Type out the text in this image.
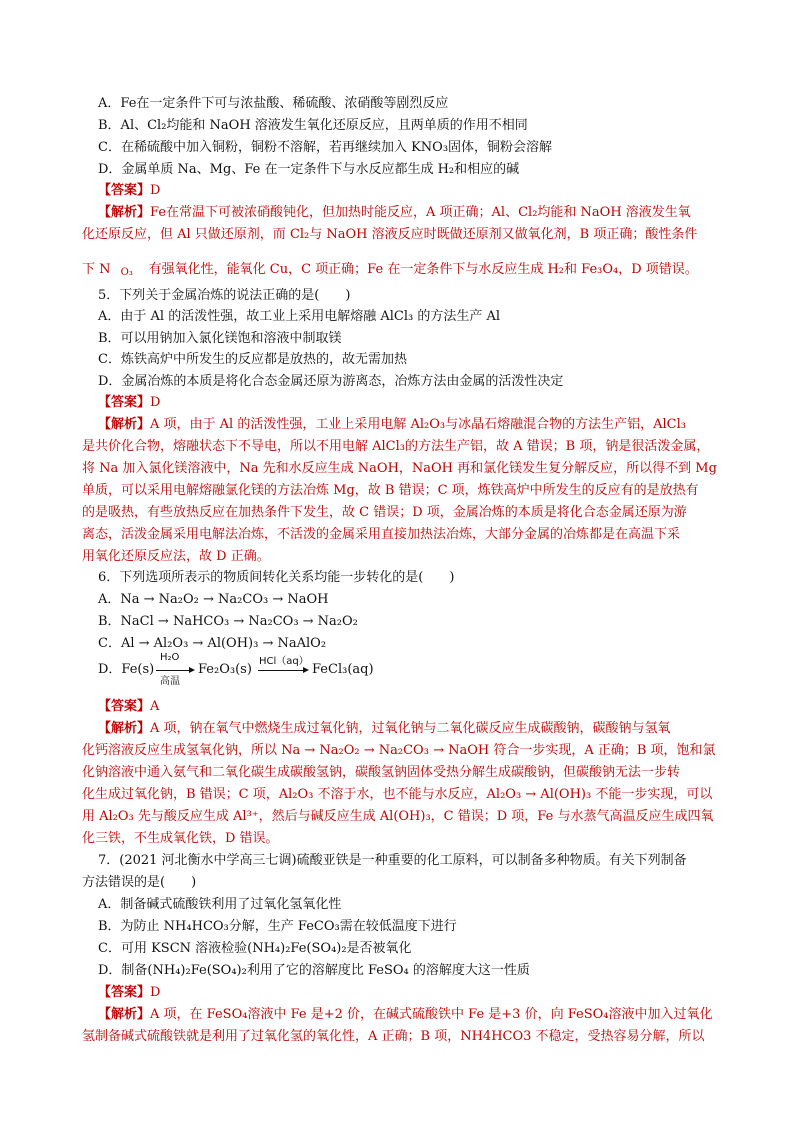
A．Fe在一定条件下可与浓盐酸、稀硫酸、浓硝酸等剧烈反应
B．Al、Cl₂均能和 NaOH 溶液发生氧化还原反应，且两单质的作用不相同
C．在稀硫酸中加入铜粉，铜粉不溶解，若再继续加入 KNO₃固体，铜粉会溶解
D．金属单质 Na、Mg、Fe 在一定条件下与水反应都生成 H₂和相应的碱
【答案】D
【解析】Fe在常温下可被浓硝酸钝化，但加热时能反应，A 项正确；Al、Cl₂均能和 NaOH 溶液发生氧
化还原反应，但 Al 只做还原剂，而 Cl₂与 NaOH 溶液反应时既做还原剂又做氧化剂，B 项正确；酸性条件
下 N O₃ 有强氧化性，能氧化 Cu，C 项正确；Fe 在一定条件下与水反应生成 H₂和 Fe₃O₄，D 项错误。
5．下列关于金属冶炼的说法正确的是(　　)
A．由于 Al 的活泼性强，故工业上采用电解熔融 AlCl₃ 的方法生产 Al
B．可以用钠加入氯化镁饱和溶液中制取镁
C．炼铁高炉中所发生的反应都是放热的，故无需加热
D．金属冶炼的本质是将化合态金属还原为游离态，冶炼方法由金属的活泼性决定
【答案】D
【解析】A 项，由于 Al 的活泼性强，工业上采用电解 Al₂O₃与冰晶石熔融混合物的方法生产铝，AlCl₃
是共价化合物，熔融状态下不导电，所以不用电解 AlCl₃的方法生产铝，故 A 错误；B 项，钠是很活泼金属，
将 Na 加入氯化镁溶液中，Na 先和水反应生成 NaOH，NaOH 再和氯化镁发生复分解反应，所以得不到 Mg
单质，可以采用电解熔融氯化镁的方法冶炼 Mg，故 B 错误；C 项，炼铁高炉中所发生的反应有的是放热有
的是吸热，有些放热反应在加热条件下发生，故 C 错误；D 项，金属冶炼的本质是将化合态金属还原为游
离态，活泼金属采用电解法冶炼，不活泼的金属采用直接加热法冶炼，大部分金属的冶炼都是在高温下采
用氧化还原反应法，故 D 正确。
6．下列选项所表示的物质间转化关系均能一步转化的是(　　)
A．Na → Na₂O₂ → Na₂CO₃ → NaOH
B．NaCl → NaHCO₃ → Na₂CO₃ → Na₂O₂
C．Al → Al₂O₃ → Al(OH)₃ → NaAlO₂
D．Fe(s)
H₂O
高温
Fe₂O₃(s)
HCl（aq）
FeCl₃(aq)
【答案】A
【解析】A 项，钠在氧气中燃烧生成过氧化钠，过氧化钠与二氧化碳反应生成碳酸钠，碳酸钠与氢氧
化钙溶液反应生成氢氧化钠，所以 Na → Na₂O₂ → Na₂CO₃ → NaOH 符合一步实现，A 正确；B 项，饱和氯
化钠溶液中通入氨气和二氧化碳生成碳酸氢钠，碳酸氢钠固体受热分解生成碳酸钠，但碳酸钠无法一步转
化生成过氧化钠，B 错误；C 项，Al₂O₃ 不溶于水，也不能与水反应，Al₂O₃ → Al(OH)₃ 不能一步实现，可以
用 Al₂O₃ 先与酸反应生成 Al³⁺，然后与碱反应生成 Al(OH)₃，C 错误；D 项，Fe 与水蒸气高温反应生成四氧
化三铁，不生成氧化铁，D 错误。
7．(2021 河北衡水中学高三七调)硫酸亚铁是一种重要的化工原料，可以制备多种物质。有关下列制备
方法错误的是(　　)
A．制备碱式硫酸铁利用了过氧化氢氧化性
B．为防止 NH₄HCO₃分解，生产 FeCO₃需在较低温度下进行
C．可用 KSCN 溶液检验(NH₄)₂Fe(SO₄)₂是否被氧化
D．制备(NH₄)₂Fe(SO₄)₂利用了它的溶解度比 FeSO₄ 的溶解度大这一性质
【答案】D
【解析】A 项，在 FeSO₄溶液中 Fe 是+2 价，在碱式硫酸铁中 Fe 是+3 价，向 FeSO₄溶液中加入过氧化
氢制备碱式硫酸铁就是利用了过氧化氢的氧化性，A 正确；B 项，NH4HCO3 不稳定，受热容易分解，所以
